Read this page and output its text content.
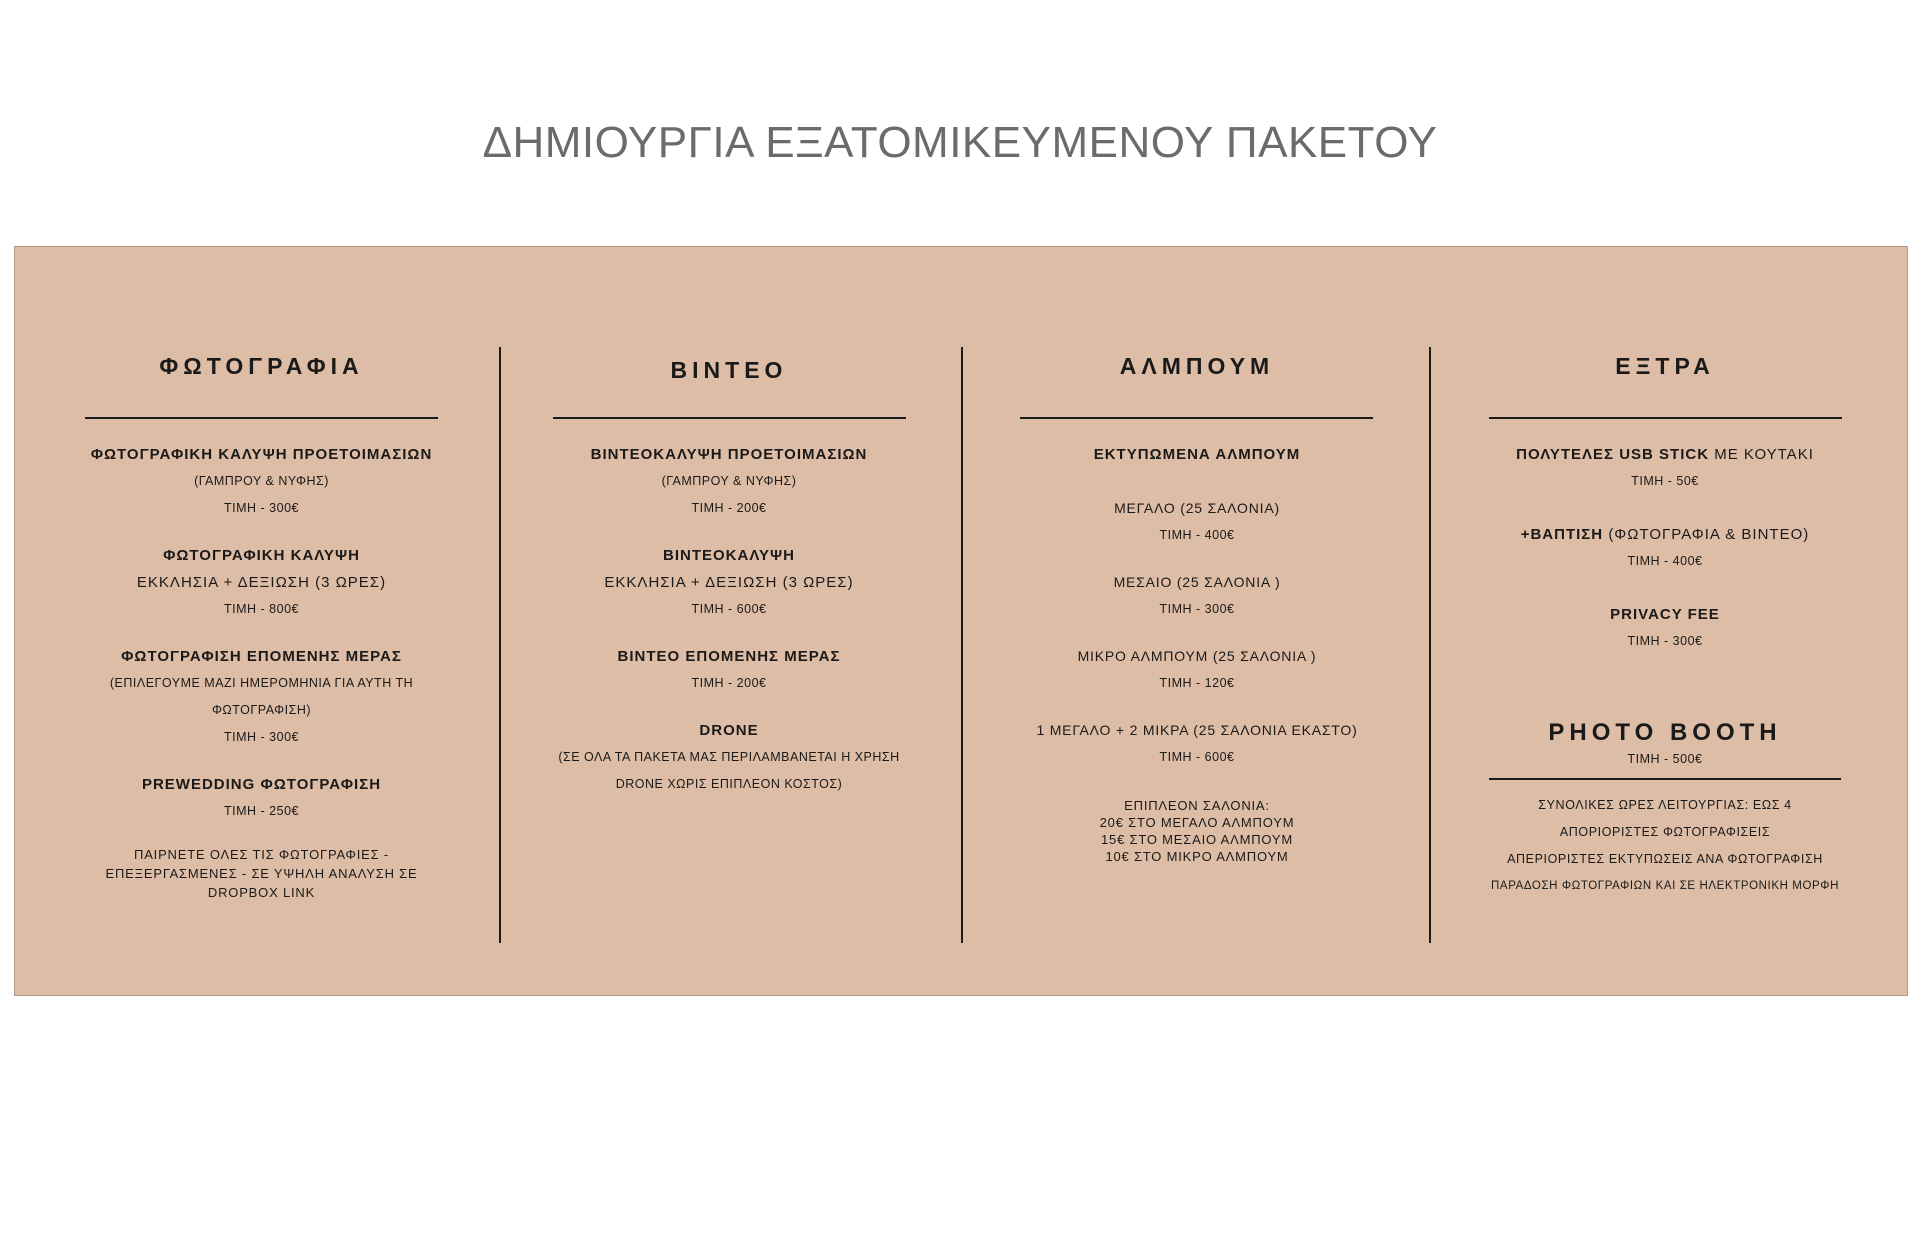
ΔΗΜΙΟΥΡΓΙΑ ΕΞΑΤΟΜΙΚΕΥΜΕΝΟΥ ΠΑΚΕΤΟΥ
ΦΩΤΟΓΡΑΦΙΑ
ΦΩΤΟΓΡΑΦΙΚΗ ΚΑΛΥΨΗ ΠΡΟΕΤΟΙΜΑΣΙΩΝ
(ΓΑΜΠΡΟΥ & ΝΥΦΗΣ)
ΤΙΜΗ - 300€
ΦΩΤΟΓΡΑΦΙΚΗ ΚΑΛΥΨΗ
ΕΚΚΛΗΣΙΑ + ΔΕΞΙΩΣΗ (3 ΩΡΕΣ)
ΤΙΜΗ - 800€
ΦΩΤΟΓΡΑΦΙΣΗ ΕΠΟΜΕΝΗΣ ΜΕΡΑΣ
(ΕΠΙΛΕΓΟΥΜΕ ΜΑΖΙ ΗΜΕΡΟΜΗΝΙΑ ΓΙΑ ΑΥΤΗ ΤΗ
ΦΩΤΟΓΡΑΦΙΣΗ)
ΤΙΜΗ - 300€
PREWEDDING ΦΩΤΟΓΡΑΦΙΣΗ
ΤΙΜΗ - 250€
ΠΑΙΡΝΕΤΕ ΟΛΕΣ ΤΙΣ ΦΩΤΟΓΡΑΦΙΕΣ -
ΕΠΕΞΕΡΓΑΣΜΕΝΕΣ - ΣΕ ΥΨΗΛΗ ΑΝΑΛΥΣΗ ΣΕ
DROPBOX LINK
ΒΙΝΤΕΟ
ΒΙΝΤΕΟΚΑΛΥΨΗ ΠΡΟΕΤΟΙΜΑΣΙΩΝ
(ΓΑΜΠΡΟΥ & ΝΥΦΗΣ)
ΤΙΜΗ - 200€
ΒΙΝΤΕΟΚΑΛΥΨΗ
ΕΚΚΛΗΣΙΑ + ΔΕΞΙΩΣΗ (3 ΩΡΕΣ)
ΤΙΜΗ - 600€
ΒΙΝΤΕΟ ΕΠΟΜΕΝΗΣ ΜΕΡΑΣ
ΤΙΜΗ - 200€
DRONE
(ΣΕ ΟΛΑ ΤΑ ΠΑΚΕΤΑ ΜΑΣ ΠΕΡΙΛΑΜΒΑΝΕΤΑΙ Η ΧΡΗΣΗ
DRONE ΧΩΡΙΣ ΕΠΙΠΛΕΟΝ ΚΟΣΤΟΣ)
ΑΛΜΠΟΥΜ
ΕΚΤΥΠΩΜΕΝΑ ΑΛΜΠΟΥΜ
ΜΕΓΑΛΟ (25 ΣΑΛΟΝΙΑ)
ΤΙΜΗ - 400€
ΜΕΣΑΙΟ (25 ΣΑΛΟΝΙΑ )
ΤΙΜΗ - 300€
ΜΙΚΡΟ ΑΛΜΠΟΥΜ (25 ΣΑΛΟΝΙΑ )
ΤΙΜΗ - 120€
1 ΜΕΓΑΛΟ + 2 ΜΙΚΡΑ (25 ΣΑΛΟΝΙΑ ΕΚΑΣΤΟ)
ΤΙΜΗ - 600€
ΕΠΙΠΛΕΟΝ ΣΑΛΟΝΙΑ:
20€ ΣΤΟ ΜΕΓΑΛΟ ΑΛΜΠΟΥΜ
15€ ΣΤΟ ΜΕΣΑΙΟ ΑΛΜΠΟΥΜ
10€ ΣΤΟ ΜΙΚΡΟ ΑΛΜΠΟΥΜ
ΕΞΤΡΑ
ΠΟΛΥΤΕΛΕΣ USB STICK ΜΕ ΚΟΥΤΑΚΙ
ΤΙΜΗ - 50€
+ΒΑΠΤΙΣΗ (ΦΩΤΟΓΡΑΦΙΑ & ΒΙΝΤΕΟ)
ΤΙΜΗ - 400€
PRIVACY FEE
ΤΙΜΗ - 300€
PHOTO BOOTH
ΤΙΜΗ - 500€
ΣΥΝΟΛΙΚΕΣ ΩΡΕΣ ΛΕΙΤΟΥΡΓΙΑΣ: ΕΩΣ 4
ΑΠΟΡΙΟΡΙΣΤΕΣ ΦΩΤΟΓΡΑΦΙΣΕΙΣ
ΑΠΕΡΙΟΡΙΣΤΕΣ ΕΚΤΥΠΩΣΕΙΣ ΑΝΑ ΦΩΤΟΓΡΑΦΙΣΗ
ΠΑΡΑΔΟΣΗ ΦΩΤΟΓΡΑΦΙΩΝ ΚΑΙ ΣΕ ΗΛΕΚΤΡΟΝΙΚΗ ΜΟΡΦΗ
